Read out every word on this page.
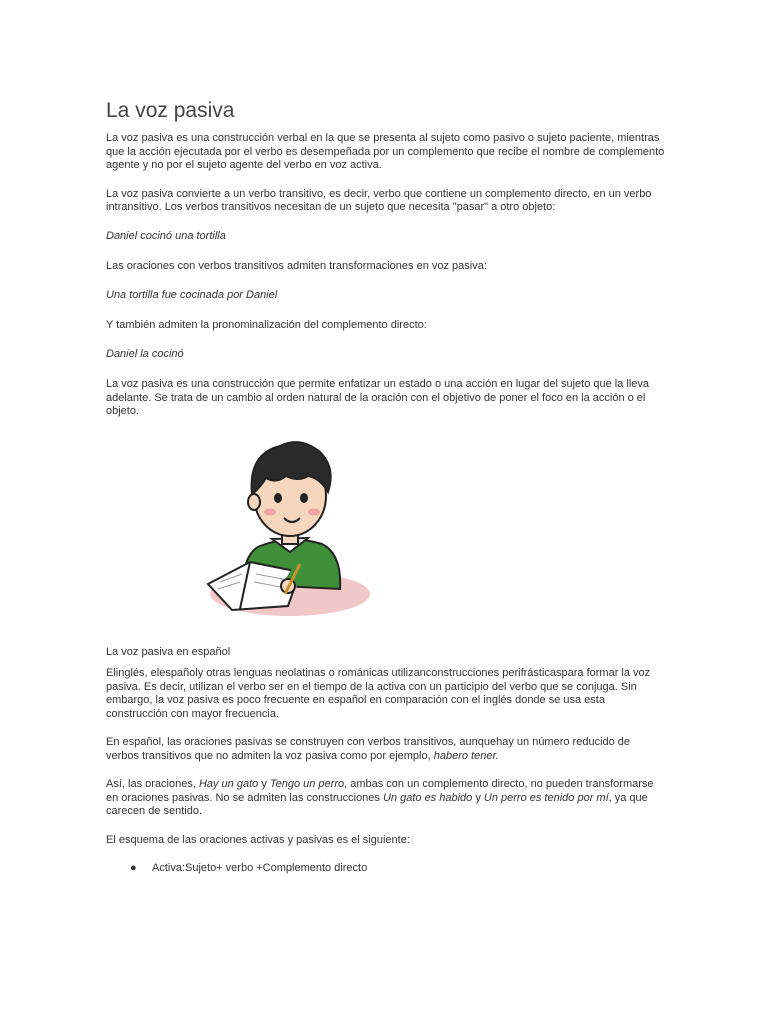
La voz pasiva

La voz pasiva es una construcción verbal en la que se presenta al sujeto como pasivo o sujeto paciente, mientras que la acción ejecutada por el verbo es desempeñada por un complemento que recibe el nombre de complemento agente y no por el sujeto agente del verbo en voz activa.

La voz pasiva convierte a un verbo transitivo, es decir, verbo que contiene un complemento directo, en un verbo intransitivo. Los verbos transitivos necesitan de un sujeto que necesita "pasar" a otro objeto:

Daniel cocinó una tortilla

Las oraciones con verbos transitivos admiten transformaciones en voz pasiva:

Una tortilla fue cocinada por Daniel

Y también admiten la pronominalización del complemento directo:

Daniel la cocinó

La voz pasiva es una construcción que permite enfatizar un estado o una acción en lugar del sujeto que la lleva adelante. Se trata de un cambio al orden natural de la oración con el objetivo de poner el foco en la acción o el objeto.

La voz pasiva en español

Elinglés, elespañoly otras lenguas neolatinas o románicas utilizanconstrucciones perifrásticaspara formar la voz pasiva. Es decir, utilizan el verbo ser en el tiempo de la activa con un participio del verbo que se conjuga. Sin embargo, la voz pasiva es poco frecuente en español en comparación con el inglés donde se usa esta construcción con mayor frecuencia.

En español, las oraciones pasivas se construyen con verbos transitivos, aunquehay un número reducido de verbos transitivos que no admiten la voz pasiva como por ejemplo, habero tener.

Así, las oraciones, Hay un gato y Tengo un perro, ambas con un complemento directo, no pueden transformarse en oraciones pasivas. No se admiten las construcciones Un gato es habido y Un perro es tenido por mí, ya que carecen de sentido.

El esquema de las oraciones activas y pasivas es el siguiente:

● Activa:Sujeto+ verbo +Complemento directo
